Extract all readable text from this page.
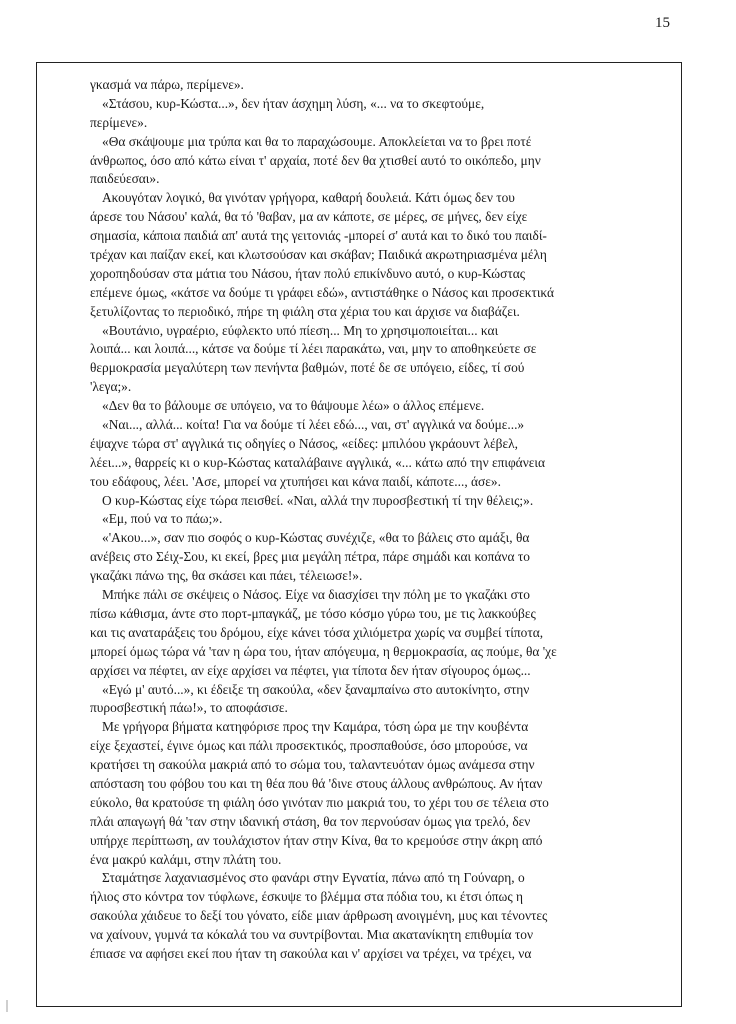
15
γκασμά να πάρω, περίμενε».
«Στάσου, κυρ-Κώστα...», δεν ήταν άσχημη λύση, «... να το σκεφτούμε,
περίμενε».
«Θα σκάψουμε μια τρύπα και θα το παραχώσουμε. Αποκλείεται να το βρει ποτέ
άνθρωπος, όσο από κάτω είναι τ' αρχαία, ποτέ δεν θα χτισθεί αυτό το οικόπεδο, μην
παιδεύεσαι».
Ακουγόταν λογικό, θα γινόταν γρήγορα, καθαρή δουλειά. Κάτι όμως δεν του
άρεσε του Νάσου' καλά, θα τό 'θαβαν, μα αν κάποτε, σε μέρες, σε μήνες, δεν είχε
σημασία, κάποια παιδιά απ' αυτά της γειτονιάς -μπορεί σ' αυτά και το δικό του παιδί-
τρέχαν και παίζαν εκεί, και κλωτσούσαν και σκάβαν; Παιδικά ακρωτηριασμένα μέλη
χοροπηδούσαν στα μάτια του Νάσου, ήταν πολύ επικίνδυνο αυτό, ο κυρ-Κώστας
επέμενε όμως, «κάτσε να δούμε τι γράφει εδώ», αντιστάθηκε ο Νάσος και προσεκτικά
ξετυλίζοντας το περιοδικό, πήρε τη φιάλη στα χέρια του και άρχισε να διαβάζει.
«Βουτάνιο, υγραέριο, εύφλεκτο υπό πίεση... Μη το χρησιμοποιείται... και
λοιπά... και λοιπά..., κάτσε να δούμε τί λέει παρακάτω, ναι, μην το αποθηκεύετε σε
θερμοκρασία μεγαλύτερη των πενήντα βαθμών, ποτέ δε σε υπόγειο, είδες, τί σού
'λεγα;».
«Δεν θα το βάλουμε σε υπόγειο, να το θάψουμε λέω» ο άλλος επέμενε.
«Ναι..., αλλά... κοίτα! Για να δούμε τί λέει εδώ..., ναι, στ' αγγλικά να δούμε...»
έψαχνε τώρα στ' αγγλικά τις οδηγίες ο Νάσος, «είδες: μπιλόου γκράουντ λέβελ,
λέει...», θαρρείς κι ο κυρ-Κώστας καταλάβαινε αγγλικά, «... κάτω από την επιφάνεια
του εδάφους, λέει. 'Ασε, μπορεί να χτυπήσει και κάνα παιδί, κάποτε..., άσε».
Ο κυρ-Κώστας είχε τώρα πεισθεί. «Ναι, αλλά την πυροσβεστική τί την θέλεις;».
«Εμ, πού να το πάω;».
«'Ακου...», σαν πιο σοφός ο κυρ-Κώστας συνέχιζε, «θα το βάλεις στο αμάξι, θα
ανέβεις στο Σέιχ-Σου, κι εκεί, βρες μια μεγάλη πέτρα, πάρε σημάδι και κοπάνα το
γκαζάκι πάνω της, θα σκάσει και πάει, τέλειωσε!».
Μπήκε πάλι σε σκέψεις ο Νάσος. Είχε να διασχίσει την πόλη με το γκαζάκι στο
πίσω κάθισμα, άντε στο πορτ-μπαγκάζ, με τόσο κόσμο γύρω του, με τις λακκούβες
και τις αναταράξεις του δρόμου, είχε κάνει τόσα χιλιόμετρα χωρίς να συμβεί τίποτα,
μπορεί όμως τώρα νά 'ταν η ώρα του, ήταν απόγευμα, η θερμοκρασία, ας πούμε, θα 'χε
αρχίσει να πέφτει, αν είχε αρχίσει να πέφτει, για τίποτα δεν ήταν σίγουρος όμως...
«Εγώ μ' αυτό...», κι έδειξε τη σακούλα, «δεν ξαναμπαίνω στο αυτοκίνητο, στην
πυροσβεστική πάω!», το αποφάσισε.
Με γρήγορα βήματα κατηφόρισε προς την Καμάρα, τόση ώρα με την κουβέντα
είχε ξεχαστεί, έγινε όμως και πάλι προσεκτικός, προσπαθούσε, όσο μπορούσε, να
κρατήσει τη σακούλα μακριά από το σώμα του, ταλαντευόταν όμως ανάμεσα στην
απόσταση του φόβου του και τη θέα που θά 'δινε στους άλλους ανθρώπους. Αν ήταν
εύκολο, θα κρατούσε τη φιάλη όσο γινόταν πιο μακριά του, το χέρι του σε τέλεια στο
πλάι απαγωγή θά 'ταν στην ιδανική στάση, θα τον περνούσαν όμως για τρελό, δεν
υπήρχε περίπτωση, αν τουλάχιστον ήταν στην Κίνα, θα το κρεμούσε στην άκρη από
ένα μακρύ καλάμι, στην πλάτη του.
Σταμάτησε λαχανιασμένος στο φανάρι στην Εγνατία, πάνω από τη Γούναρη, ο
ήλιος στο κόντρα τον τύφλωνε, έσκυψε το βλέμμα στα πόδια του, κι έτσι όπως η
σακούλα χάιδευε το δεξί του γόνατο, είδε μιαν άρθρωση ανοιγμένη, μυς και τένοντες
να χαίνουν, γυμνά τα κόκαλά του να συντρίβονται. Μια ακατανίκητη επιθυμία τον
έπιασε να αφήσει εκεί που ήταν τη σακούλα και ν' αρχίσει να τρέχει, να τρέχει, να
